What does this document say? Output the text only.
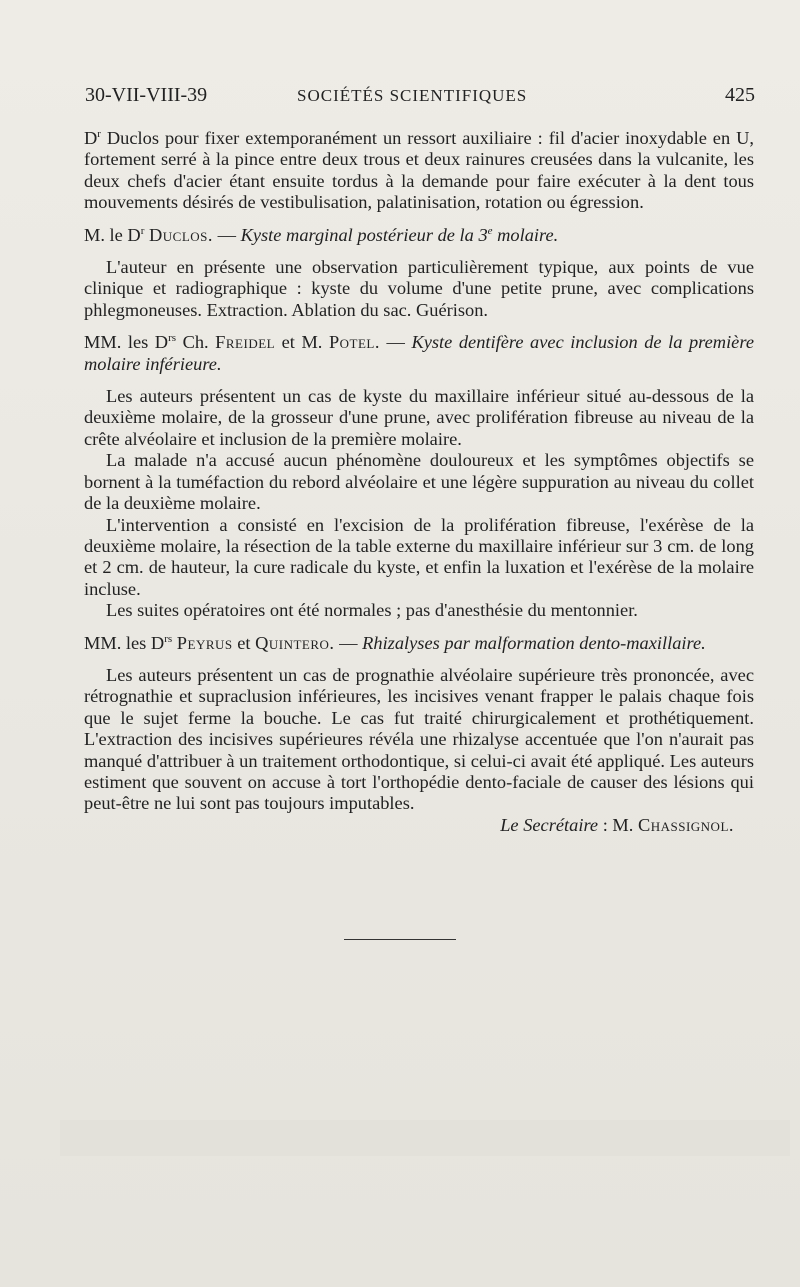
30-VII-VIII-39	SOCIÉTÉS SCIENTIFIQUES	425

$D^r$ Duclos pour fixer extemporanément un ressort auxiliaire : fil d'acier inoxydable en U, fortement serré à la pince entre deux trous et deux rainures creusées dans la vulcanite, les deux chefs d'acier étant ensuite tordus à la demande pour faire exécuter à la dent tous mouvements désirés de vestibulisation, palatinisation, rotation ou égression.

M. le $D^r$ Duclos. — Kyste marginal postérieur de la 3e molaire.

L'auteur en présente une observation particulièrement typique, aux points de vue clinique et radiographique : kyste du volume d'une petite prune, avec complications phlegmoneuses. Extraction. Ablation du sac. Guérison.

MM. les $D^{rs}$ Ch. Freidel et M. Potel. — Kyste dentifère avec inclusion de la première molaire inférieure.

Les auteurs présentent un cas de kyste du maxillaire inférieur situé au-dessous de la deuxième molaire, de la grosseur d'une prune, avec prolifération fibreuse au niveau de la crête alvéolaire et inclusion de la première molaire.

La malade n'a accusé aucun phénomène douloureux et les symptômes objectifs se bornent à la tuméfaction du rebord alvéolaire et une légère suppuration au niveau du collet de la deuxième molaire.

L'intervention a consisté en l'excision de la prolifération fibreuse, l'exérèse de la deuxième molaire, la résection de la table externe du maxillaire inférieur sur 3 cm. de long et 2 cm. de hauteur, la cure radicale du kyste, et enfin la luxation et l'exérèse de la molaire incluse.

Les suites opératoires ont été normales ; pas d'anesthésie du mentonnier.

MM. les $D^{rs}$ Peyrus et Quintero. — Rhizalyses par malformation dento-maxillaire.

Les auteurs présentent un cas de prognathie alvéolaire supérieure très prononcée, avec rétrognathie et supraclusion inférieures, les incisives venant frapper le palais chaque fois que le sujet ferme la bouche. Le cas fut traité chirurgicalement et prothétiquement. L'extraction des incisives supérieures révéla une rhizalyse accentuée que l'on n'aurait pas manqué d'attribuer à un traitement orthodontique, si celui-ci avait été appliqué. Les auteurs estiment que souvent on accuse à tort l'orthopédie dento-faciale de causer des lésions qui peut-être ne lui sont pas toujours imputables.

Le Secrétaire : M. Chassignol.
